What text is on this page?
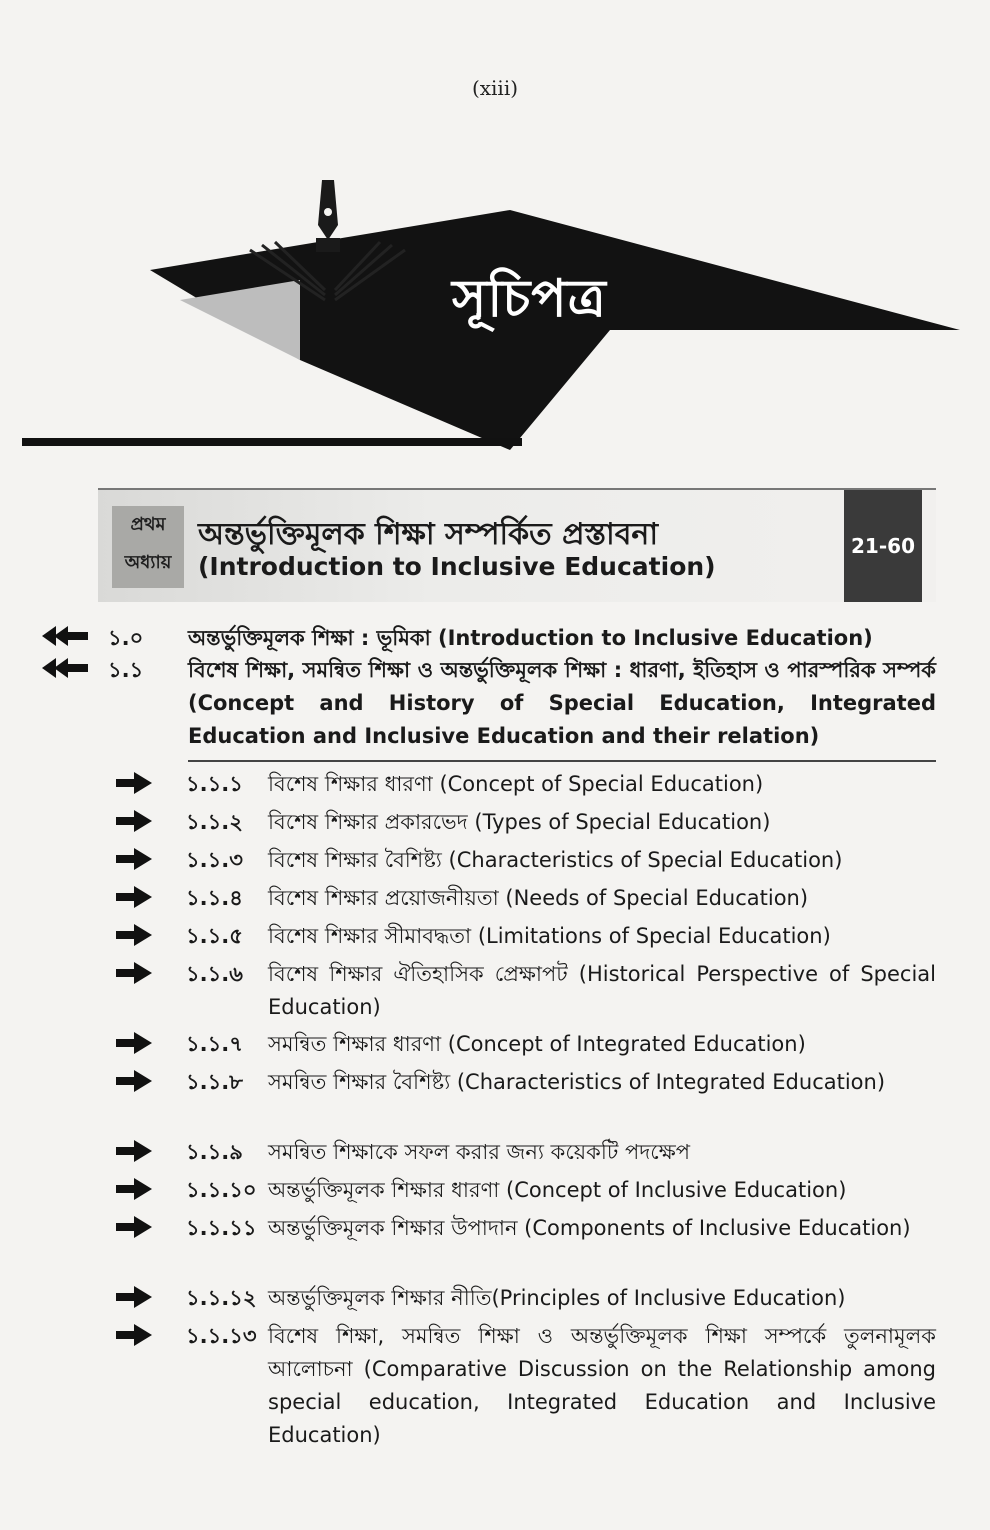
(xiii)
সূচিপত্র
প্রথম
অধ্যায়
অন্তর্ভুক্তিমূলক শিক্ষা সম্পর্কিত প্রস্তাবনা
(Introduction to Inclusive Education)
21-60
১.০ অন্তর্ভুক্তিমূলক শিক্ষা : ভূমিকা (Introduction to Inclusive Education)
১.১ বিশেষ শিক্ষা, সমন্বিত শিক্ষা ও অন্তর্ভুক্তিমূলক শিক্ষা : ধারণা, ইতিহাস ও পারস্পরিক সম্পর্ক (Concept and History of Special Education, Integrated Education and Inclusive Education and their relation)
১.১.১ বিশেষ শিক্ষার ধারণা (Concept of Special Education)
১.১.২ বিশেষ শিক্ষার প্রকারভেদ (Types of Special Education)
১.১.৩ বিশেষ শিক্ষার বৈশিষ্ট্য (Characteristics of Special Education)
১.১.৪ বিশেষ শিক্ষার প্রয়োজনীয়তা (Needs of Special Education)
১.১.৫ বিশেষ শিক্ষার সীমাবদ্ধতা (Limitations of Special Education)
১.১.৬ বিশেষ শিক্ষার ঐতিহাসিক প্রেক্ষাপট (Historical Perspective of Special Education)
১.১.৭ সমন্বিত শিক্ষার ধারণা (Concept of Integrated Education)
১.১.৮ সমন্বিত শিক্ষার বৈশিষ্ট্য (Characteristics of Integrated Education)
১.১.৯ সমন্বিত শিক্ষাকে সফল করার জন্য কয়েকটি পদক্ষেপ
১.১.১০ অন্তর্ভুক্তিমূলক শিক্ষার ধারণা (Concept of Inclusive Education)
১.১.১১ অন্তর্ভুক্তিমূলক শিক্ষার উপাদান (Components of Inclusive Education)
১.১.১২ অন্তর্ভুক্তিমূলক শিক্ষার নীতি(Principles of Inclusive Education)
১.১.১৩ বিশেষ শিক্ষা, সমন্বিত শিক্ষা ও অন্তর্ভুক্তিমূলক শিক্ষা সম্পর্কে তুলনামূলক আলোচনা (Comparative Discussion on the Relationship among special education, Integrated Education and Inclusive Education)
